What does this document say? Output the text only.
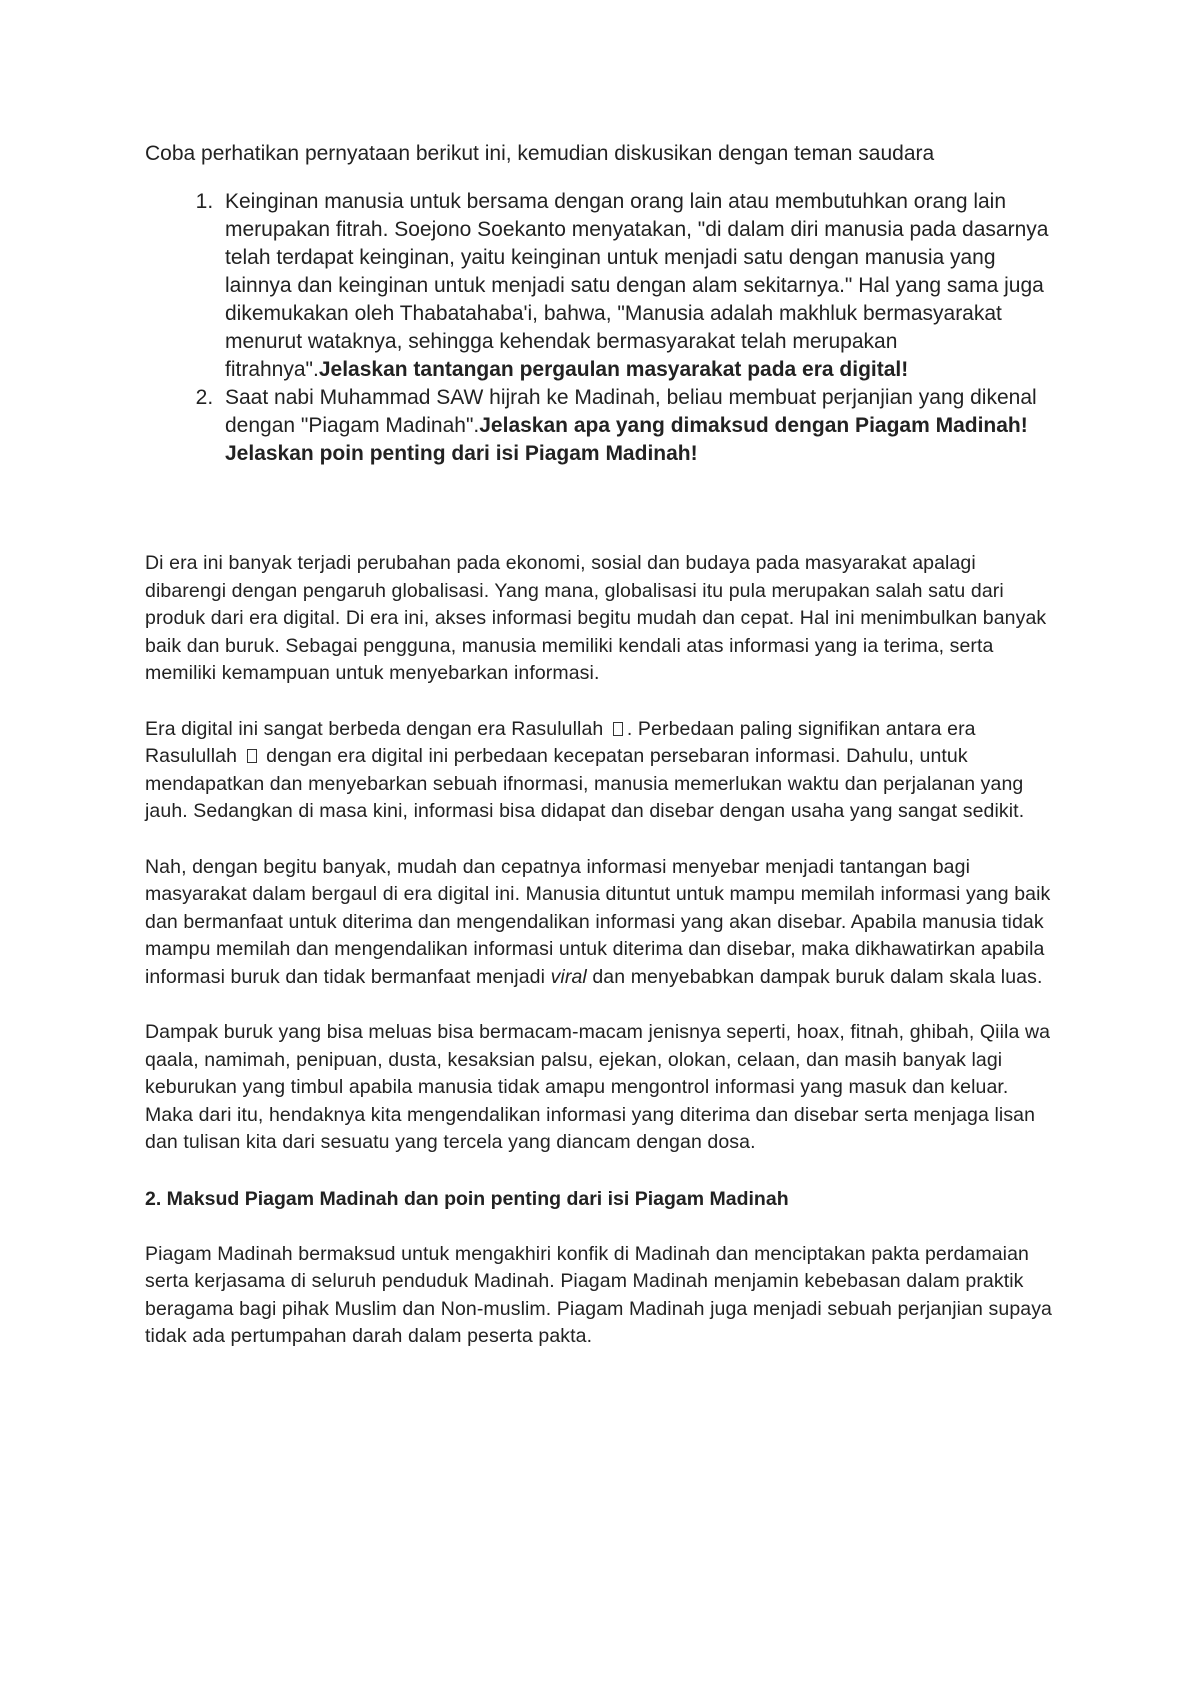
Coba perhatikan pernyataan berikut ini, kemudian diskusikan dengan teman saudara

1. Keinginan manusia untuk bersama dengan orang lain atau membutuhkan orang lain merupakan fitrah. Soejono Soekanto menyatakan, "di dalam diri manusia pada dasarnya telah terdapat keinginan, yaitu keinginan untuk menjadi satu dengan manusia yang lainnya dan keinginan untuk menjadi satu dengan alam sekitarnya." Hal yang sama juga dikemukakan oleh Thabatahaba'i, bahwa, "Manusia adalah makhluk bermasyarakat menurut wataknya, sehingga kehendak bermasyarakat telah merupakan fitrahnya".Jelaskan tantangan pergaulan masyarakat pada era digital!
2. Saat nabi Muhammad SAW hijrah ke Madinah, beliau membuat perjanjian yang dikenal dengan "Piagam Madinah".Jelaskan apa yang dimaksud dengan Piagam Madinah! Jelaskan poin penting dari isi Piagam Madinah!

Di era ini banyak terjadi perubahan pada ekonomi, sosial dan budaya pada masyarakat apalagi dibarengi dengan pengaruh globalisasi. Yang mana, globalisasi itu pula merupakan salah satu dari produk dari era digital. Di era ini, akses informasi begitu mudah dan cepat. Hal ini menimbulkan banyak baik dan buruk. Sebagai pengguna, manusia memiliki kendali atas informasi yang ia terima, serta memiliki kemampuan untuk menyebarkan informasi.

Era digital ini sangat berbeda dengan era Rasulullah . Perbedaan paling signifikan antara era Rasulullah dengan era digital ini perbedaan kecepatan persebaran informasi. Dahulu, untuk mendapatkan dan menyebarkan sebuah ifnormasi, manusia memerlukan waktu dan perjalanan yang jauh. Sedangkan di masa kini, informasi bisa didapat dan disebar dengan usaha yang sangat sedikit.

Nah, dengan begitu banyak, mudah dan cepatnya informasi menyebar menjadi tantangan bagi masyarakat dalam bergaul di era digital ini. Manusia dituntut untuk mampu memilah informasi yang baik dan bermanfaat untuk diterima dan mengendalikan informasi yang akan disebar. Apabila manusia tidak mampu memilah dan mengendalikan informasi untuk diterima dan disebar, maka dikhawatirkan apabila informasi buruk dan tidak bermanfaat menjadi viral dan menyebabkan dampak buruk dalam skala luas.

Dampak buruk yang bisa meluas bisa bermacam-macam jenisnya seperti, hoax, fitnah, ghibah, Qiila wa qaala, namimah, penipuan, dusta, kesaksian palsu, ejekan, olokan, celaan, dan masih banyak lagi keburukan yang timbul apabila manusia tidak amapu mengontrol informasi yang masuk dan keluar. Maka dari itu, hendaknya kita mengendalikan informasi yang diterima dan disebar serta menjaga lisan dan tulisan kita dari sesuatu yang tercela yang diancam dengan dosa.

2. Maksud Piagam Madinah dan poin penting dari isi Piagam Madinah

Piagam Madinah bermaksud untuk mengakhiri konfik di Madinah dan menciptakan pakta perdamaian serta kerjasama di seluruh penduduk Madinah. Piagam Madinah menjamin kebebasan dalam praktik beragama bagi pihak Muslim dan Non-muslim. Piagam Madinah juga menjadi sebuah perjanjian supaya tidak ada pertumpahan darah dalam peserta pakta.
